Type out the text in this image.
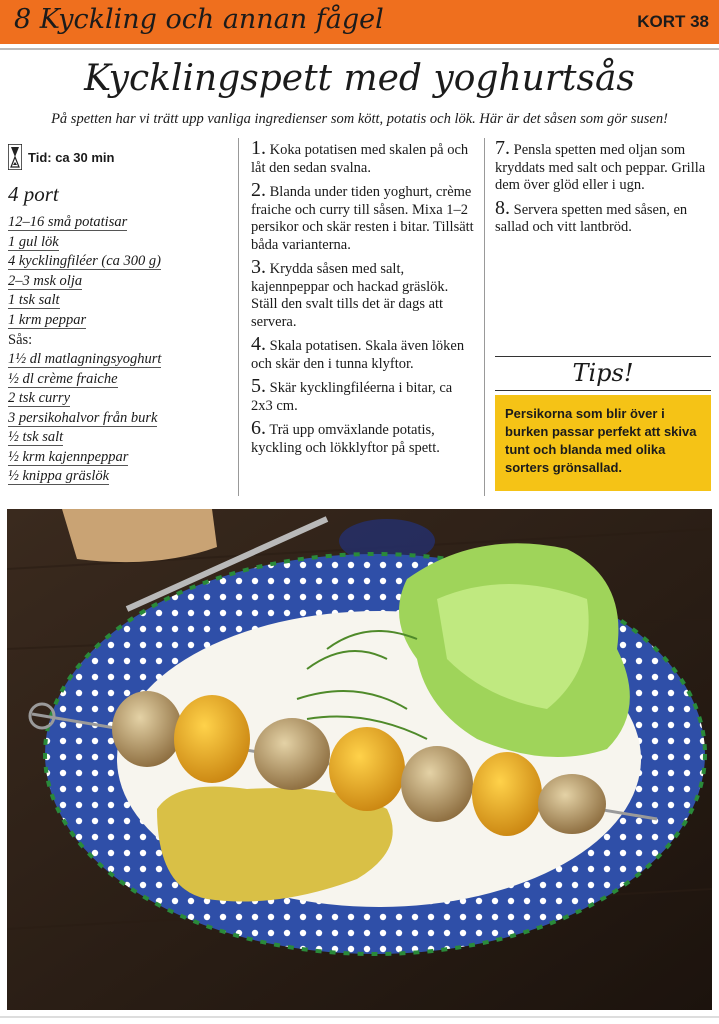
8 Kyckling och annan fågel	KORT 38
Kycklingspett med yoghurtsås
På spetten har vi trätt upp vanliga ingredienser som kött, potatis och lök. Här är det såsen som gör susen!
Tid: ca 30 min
4 port
12–16 små potatisar
1 gul lök
4 kycklingfiléer (ca 300 g)
2–3 msk olja
1 tsk salt
1 krm peppar
Sås:
1½ dl matlagningsyoghurt
½ dl crème fraiche
2 tsk curry
3 persikohalvor från burk
½ tsk salt
½ krm kajennpeppar
½ knippa gräslök
1. Koka potatisen med skalen på och låt den sedan svalna.
2. Blanda under tiden yoghurt, crème fraiche och curry till såsen. Mixa 1–2 persikor och skär resten i bitar. Tillsätt båda varianterna.
3. Krydda såsen med salt, kajennpeppar och hackad gräslök. Ställ den svalt tills det är dags att servera.
4. Skala potatisen. Skala även löken och skär den i tunna klyftor.
5. Skär kycklingfiléerna i bitar, ca 2x3 cm.
6. Trä upp omväxlande potatis, kyckling och lökklyftor på spett.
7. Pensla spetten med oljan som kryddats med salt och peppar. Grilla dem över glöd eller i ugn.
8. Servera spetten med såsen, en sallad och vitt lantbröd.
Tips!
Persikorna som blir över i burken passar perfekt att skiva tunt och blanda med olika sorters grönsallad.
